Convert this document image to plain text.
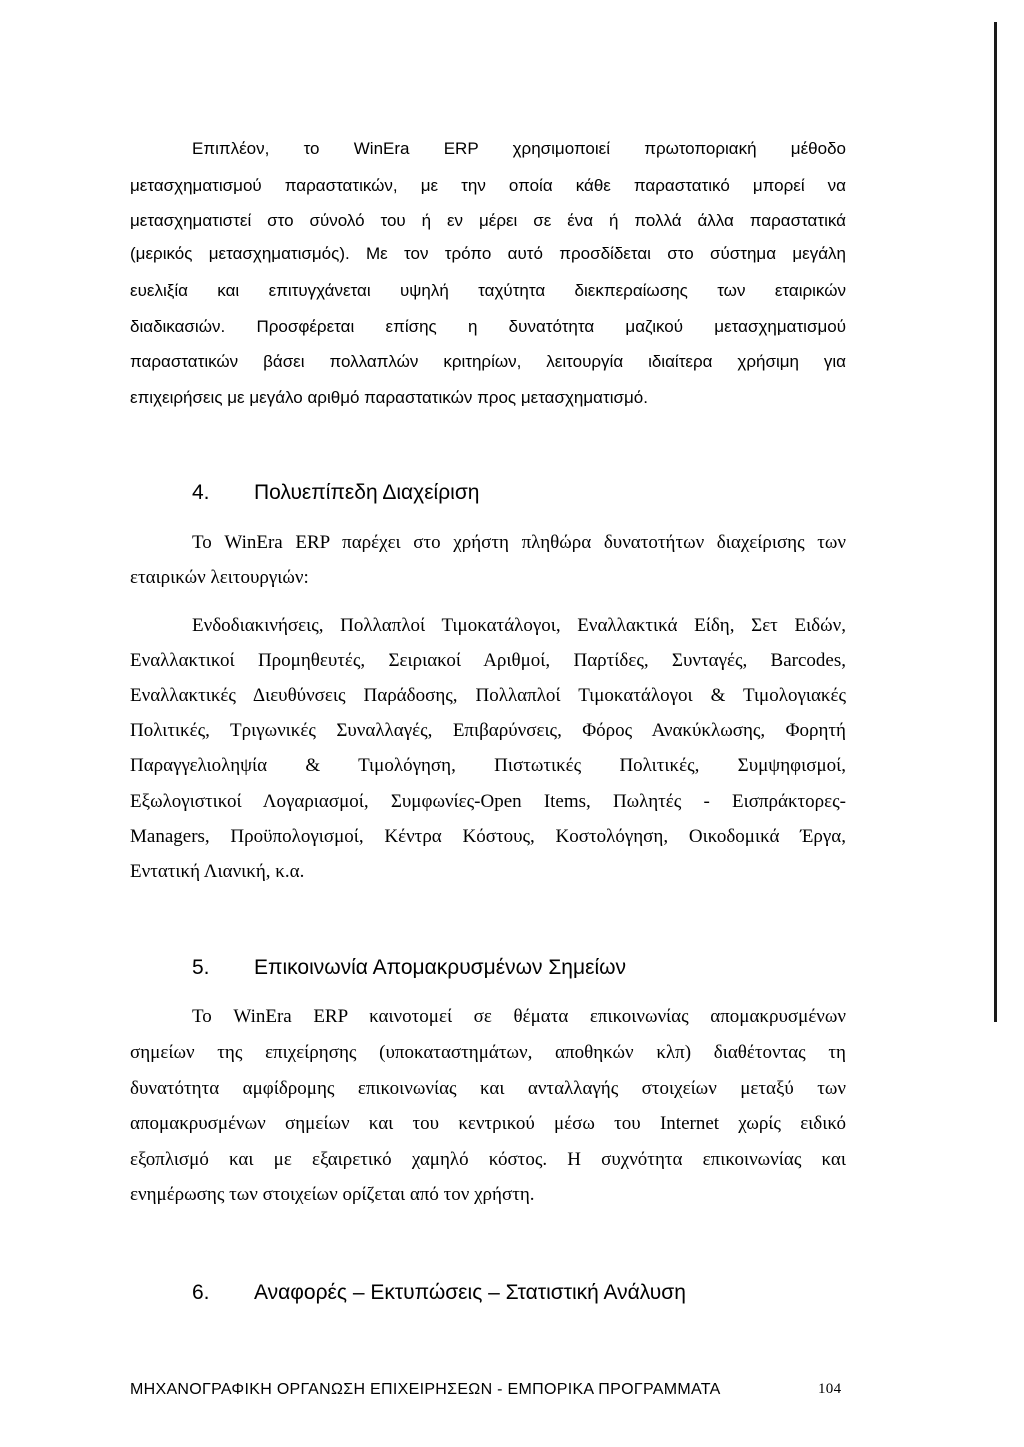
Επιπλέον, το WinEra ERP χρησιμοποιεί πρωτοποριακή μέθοδο
μετασχηματισμού παραστατικών, με την οποία κάθε παραστατικό μπορεί να
μετασχηματιστεί στο σύνολό του ή εν μέρει σε ένα ή πολλά άλλα παραστατικά
(μερικός μετασχηματισμός). Με τον τρόπο αυτό προσδίδεται στο σύστημα μεγάλη
ευελιξία και επιτυγχάνεται υψηλή ταχύτητα διεκπεραίωσης των εταιρικών
διαδικασιών. Προσφέρεται επίσης η δυνατότητα μαζικού μετασχηματισμού
παραστατικών βάσει πολλαπλών κριτηρίων, λειτουργία ιδιαίτερα χρήσιμη για
επιχειρήσεις με μεγάλο αριθμό παραστατικών προς μετασχηματισμό.
4. Πολυεπίπεδη Διαχείριση
Το WinEra ERP παρέχει στο χρήστη πληθώρα δυνατοτήτων διαχείρισης των
εταιρικών λειτουργιών:
Ενδοδιακινήσεις, Πολλαπλοί Τιμοκατάλογοι, Εναλλακτικά Είδη, Σετ Ειδών,
Εναλλακτικοί Προμηθευτές, Σειριακοί Αριθμοί, Παρτίδες, Συνταγές, Barcodes,
Εναλλακτικές Διευθύνσεις Παράδοσης, Πολλαπλοί Τιμοκατάλογοι & Τιμολογιακές
Πολιτικές, Τριγωνικές Συναλλαγές, Επιβαρύνσεις, Φόρος Ανακύκλωσης, Φορητή
Παραγγελιοληψία & Τιμολόγηση, Πιστωτικές Πολιτικές, Συμψηφισμοί,
Εξωλογιστικοί Λογαριασμοί, Συμφωνίες-Open Items, Πωλητές - Εισπράκτορες-
Managers, Προϋπολογισμοί, Κέντρα Κόστους, Κοστολόγηση, Οικοδομικά Έργα,
Εντατική Λιανική, κ.α.
5. Επικοινωνία Απομακρυσμένων Σημείων
Το WinEra ERP καινοτομεί σε θέματα επικοινωνίας απομακρυσμένων
σημείων της επιχείρησης (υποκαταστημάτων, αποθηκών κλπ) διαθέτοντας τη
δυνατότητα αμφίδρομης επικοινωνίας και ανταλλαγής στοιχείων μεταξύ των
απομακρυσμένων σημείων και του κεντρικού μέσω του Internet χωρίς ειδικό
εξοπλισμό και με εξαιρετικό χαμηλό κόστος. Η συχνότητα επικοινωνίας και
ενημέρωσης των στοιχείων ορίζεται από τον χρήστη.
6. Αναφορές – Εκτυπώσεις – Στατιστική Ανάλυση
ΜΗΧΑΝΟΓΡΑΦΙΚΗ ΟΡΓΑΝΩΣΗ ΕΠΙΧΕΙΡΗΣΕΩΝ - ΕΜΠΟΡΙΚΑ ΠΡΟΓΡΑΜΜΑΤΑ	104
